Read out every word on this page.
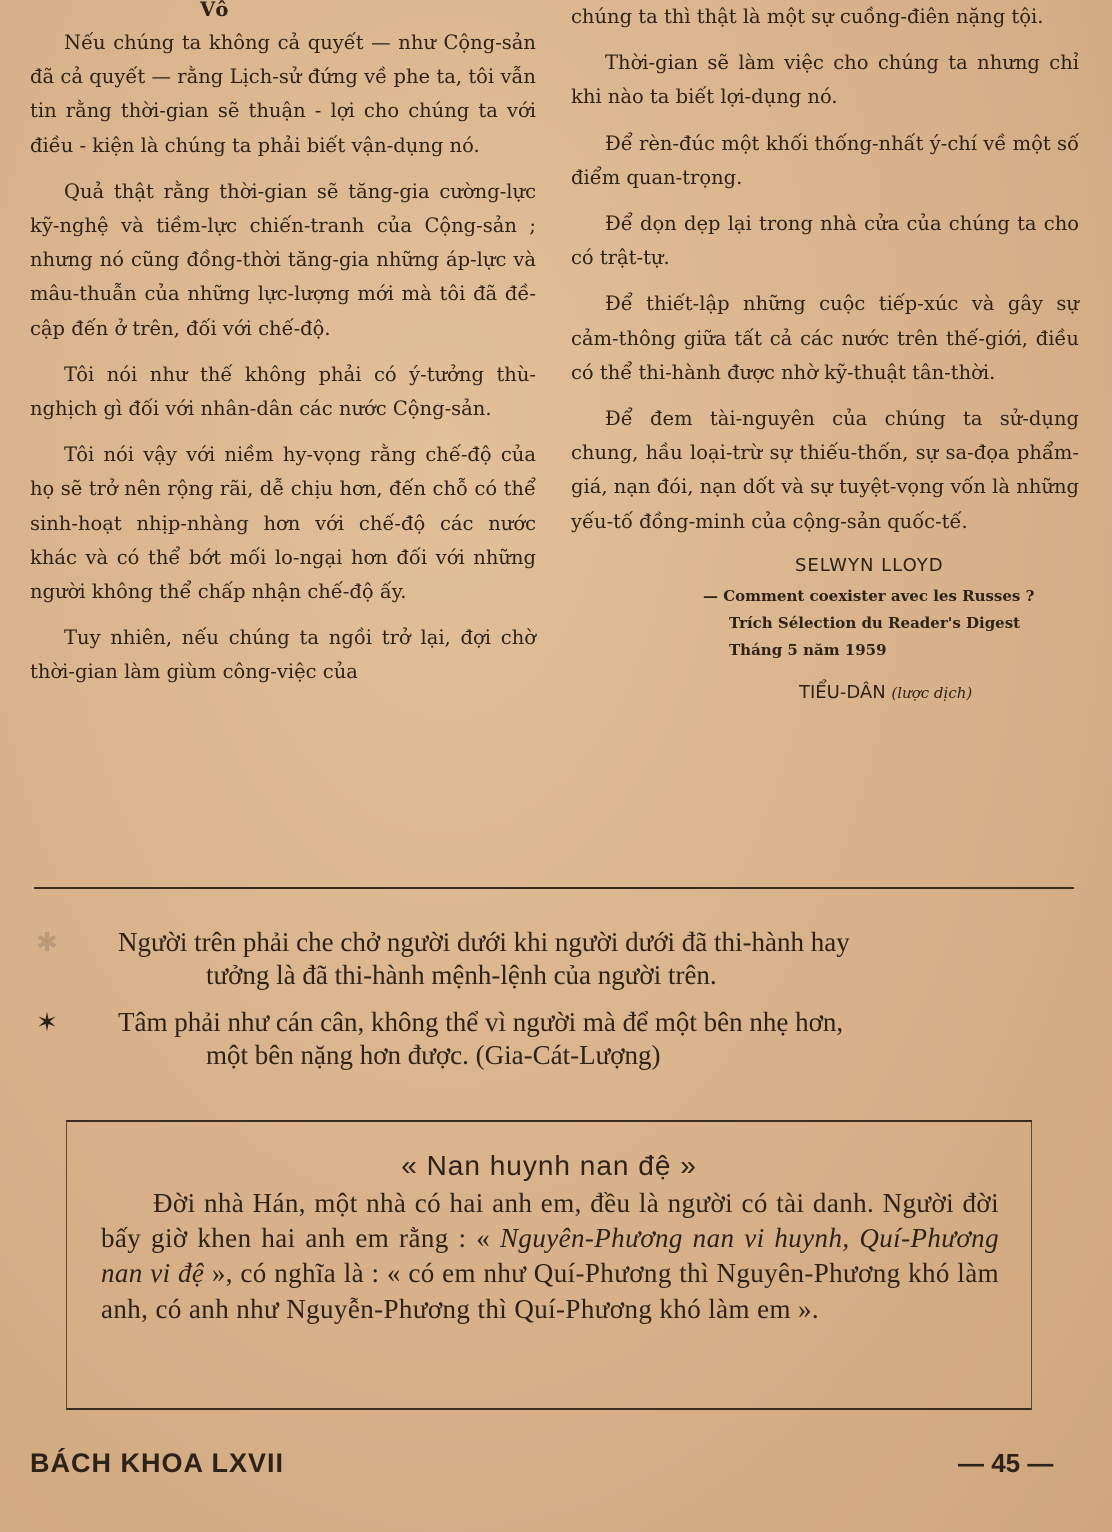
Vô

Nếu chúng ta không cả quyết — như Cộng-sản đã cả quyết — rằng Lịch-sử đứng về phe ta, tôi vẫn tin rằng thời-gian sẽ thuận - lợi cho chúng ta với điều - kiện là chúng ta phải biết vận-dụng nó.

Quả thật rằng thời-gian sẽ tăng-gia cường-lực kỹ-nghệ và tiềm-lực chiến-tranh của Cộng-sản ; nhưng nó cũng đồng-thời tăng-gia những áp-lực và mâu-thuẫn của những lực-lượng mới mà tôi đã đề-cập đến ở trên, đối với chế-độ.

Tôi nói như thế không phải có ý-tưởng thù-nghịch gì đối với nhân-dân các nước Cộng-sản.

Tôi nói vậy với niềm hy-vọng rằng chế-độ của họ sẽ trở nên rộng rãi, dễ chịu hơn, đến chỗ có thể sinh-hoạt nhịp-nhàng hơn với chế-độ các nước khác và có thể bớt mối lo-ngại hơn đối với những người không thể chấp nhận chế-độ ấy.

Tuy nhiên, nếu chúng ta ngồi trở lại, đợi chờ thời-gian làm giùm công-việc của

chúng ta thì thật là một sự cuồng-điên nặng tội.

Thời-gian sẽ làm việc cho chúng ta nhưng chỉ khi nào ta biết lợi-dụng nó.

Để rèn-đúc một khối thống-nhất ý-chí về một số điểm quan-trọng.

Để dọn dẹp lại trong nhà cửa của chúng ta cho có trật-tự.

Để thiết-lập những cuộc tiếp-xúc và gây sự cảm-thông giữa tất cả các nước trên thế-giới, điều có thể thi-hành được nhờ kỹ-thuật tân-thời.

Để đem tài-nguyên của chúng ta sử-dụng chung, hầu loại-trừ sự thiếu-thốn, sự sa-đọa phẩm-giá, nạn đói, nạn dốt và sự tuyệt-vọng vốn là những yếu-tố đồng-minh của cộng-sản quốc-tế.

SELWYN LLOYD
— Comment coexister avec les Russes ?
Trích Sélection du Reader's Digest
Tháng 5 năm 1959
TIỂU-DÂN (lược dịch)
✱ Người trên phải che chở người dưới khi người dưới đã thi-hành hay
tưởng là đã thi-hành mệnh-lệnh của người trên.
✶ Tâm phải như cán cân, không thể vì người mà để một bên nhẹ hơn,
một bên nặng hơn được. (Gia-Cát-Lượng)
« Nan huynh nan đệ »

Đời nhà Hán, một nhà có hai anh em, đều là người có tài danh. Người đời bấy giờ khen hai anh em rằng : « Nguyên-Phương nan vi huynh, Quí-Phương nan vi đệ », có nghĩa là : « có em như Quí-Phương thì Nguyên-Phương khó làm anh, có anh như Nguyễn-Phương thì Quí-Phương khó làm em ».

BÁCH KHOA LXVII	— 45 —
